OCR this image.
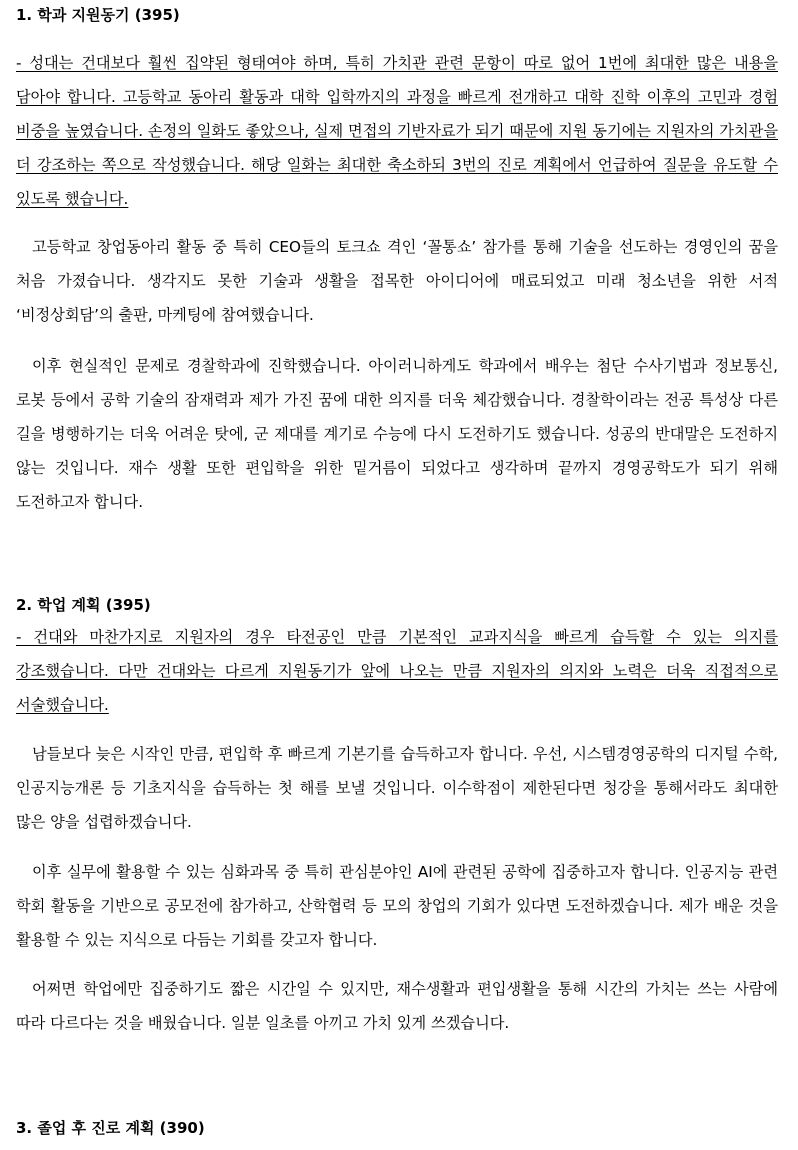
1. 학과 지원동기 (395)

- 성대는 건대보다 훨씬 집약된 형태여야 하며, 특히 가치관 관련 문항이 따로 없어 1번에 최대한 많은 내용을 담아야 합니다. 고등학교 동아리 활동과 대학 입학까지의 과정을 빠르게 전개하고 대학 진학 이후의 고민과 경험 비중을 높였습니다. 손정의 일화도 좋았으나, 실제 면접의 기반자료가 되기 때문에 지원 동기에는 지원자의 가치관을 더 강조하는 쪽으로 작성했습니다. 해당 일화는 최대한 축소하되 3번의 진로 계획에서 언급하여 질문을 유도할 수 있도록 했습니다.

고등학교 창업동아리 활동 중 특히 CEO들의 토크쇼 격인 ‘꼴통쇼’ 참가를 통해 기술을 선도하는 경영인의 꿈을 처음 가졌습니다. 생각지도 못한 기술과 생활을 접목한 아이디어에 매료되었고 미래 청소년을 위한 서적 ‘비정상회담’의 출판, 마케팅에 참여했습니다.

이후 현실적인 문제로 경찰학과에 진학했습니다. 아이러니하게도 학과에서 배우는 첨단 수사기법과 정보통신, 로봇 등에서 공학 기술의 잠재력과 제가 가진 꿈에 대한 의지를 더욱 체감했습니다. 경찰학이라는 전공 특성상 다른 길을 병행하기는 더욱 어려운 탓에, 군 제대를 계기로 수능에 다시 도전하기도 했습니다. 성공의 반대말은 도전하지 않는 것입니다. 재수 생활 또한 편입학을 위한 밑거름이 되었다고 생각하며 끝까지 경영공학도가 되기 위해 도전하고자 합니다.

2. 학업 계획 (395)

- 건대와 마찬가지로 지원자의 경우 타전공인 만큼 기본적인 교과지식을 빠르게 습득할 수 있는 의지를 강조했습니다. 다만 건대와는 다르게 지원동기가 앞에 나오는 만큼 지원자의 의지와 노력은 더욱 직접적으로 서술했습니다.

남들보다 늦은 시작인 만큼, 편입학 후 빠르게 기본기를 습득하고자 합니다. 우선, 시스템경영공학의 디지털 수학, 인공지능개론 등 기초지식을 습득하는 첫 해를 보낼 것입니다. 이수학점이 제한된다면 청강을 통해서라도 최대한 많은 양을 섭렵하겠습니다.

이후 실무에 활용할 수 있는 심화과목 중 특히 관심분야인 AI에 관련된 공학에 집중하고자 합니다. 인공지능 관련 학회 활동을 기반으로 공모전에 참가하고, 산학협력 등 모의 창업의 기회가 있다면 도전하겠습니다. 제가 배운 것을 활용할 수 있는 지식으로 다듬는 기회를 갖고자 합니다.

어쩌면 학업에만 집중하기도 짧은 시간일 수 있지만, 재수생활과 편입생활을 통해 시간의 가치는 쓰는 사람에 따라 다르다는 것을 배웠습니다. 일분 일초를 아끼고 가치 있게 쓰겠습니다.

3. 졸업 후 진로 계획 (390)
